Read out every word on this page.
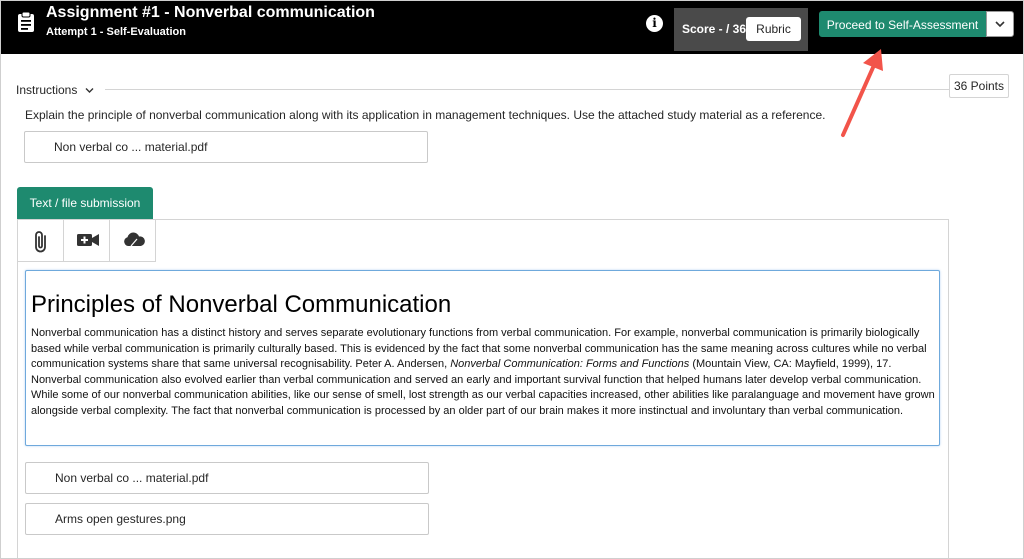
Assignment #1 - Nonverbal communication
Attempt 1 - Self-Evaluation
i	Score - / 36 Rubric	Proceed to Self-Assessment
Instructions	36 Points
Explain the principle of nonverbal communication along with its application in management techniques. Use the attached study material as a reference.
Non verbal co ... material.pdf
Text / file submission
Principles of Nonverbal Communication

Nonverbal communication has a distinct history and serves separate evolutionary functions from verbal communication. For example, nonverbal communication is primarily biologically based while verbal communication is primarily culturally based. This is evidenced by the fact that some nonverbal communication has the same meaning across cultures while no verbal communication systems share that same universal recognisability. Peter A. Andersen, Nonverbal Communication: Forms and Functions (Mountain View, CA: Mayfield, 1999), 17. Nonverbal communication also evolved earlier than verbal communication and served an early and important survival function that helped humans later develop verbal communication. While some of our nonverbal communication abilities, like our sense of smell, lost strength as our verbal capacities increased, other abilities like paralanguage and movement have grown alongside verbal complexity. The fact that nonverbal communication is processed by an older part of our brain makes it more instinctual and involuntary than verbal communication.

Non verbal co ... material.pdf
Arms open gestures.png
